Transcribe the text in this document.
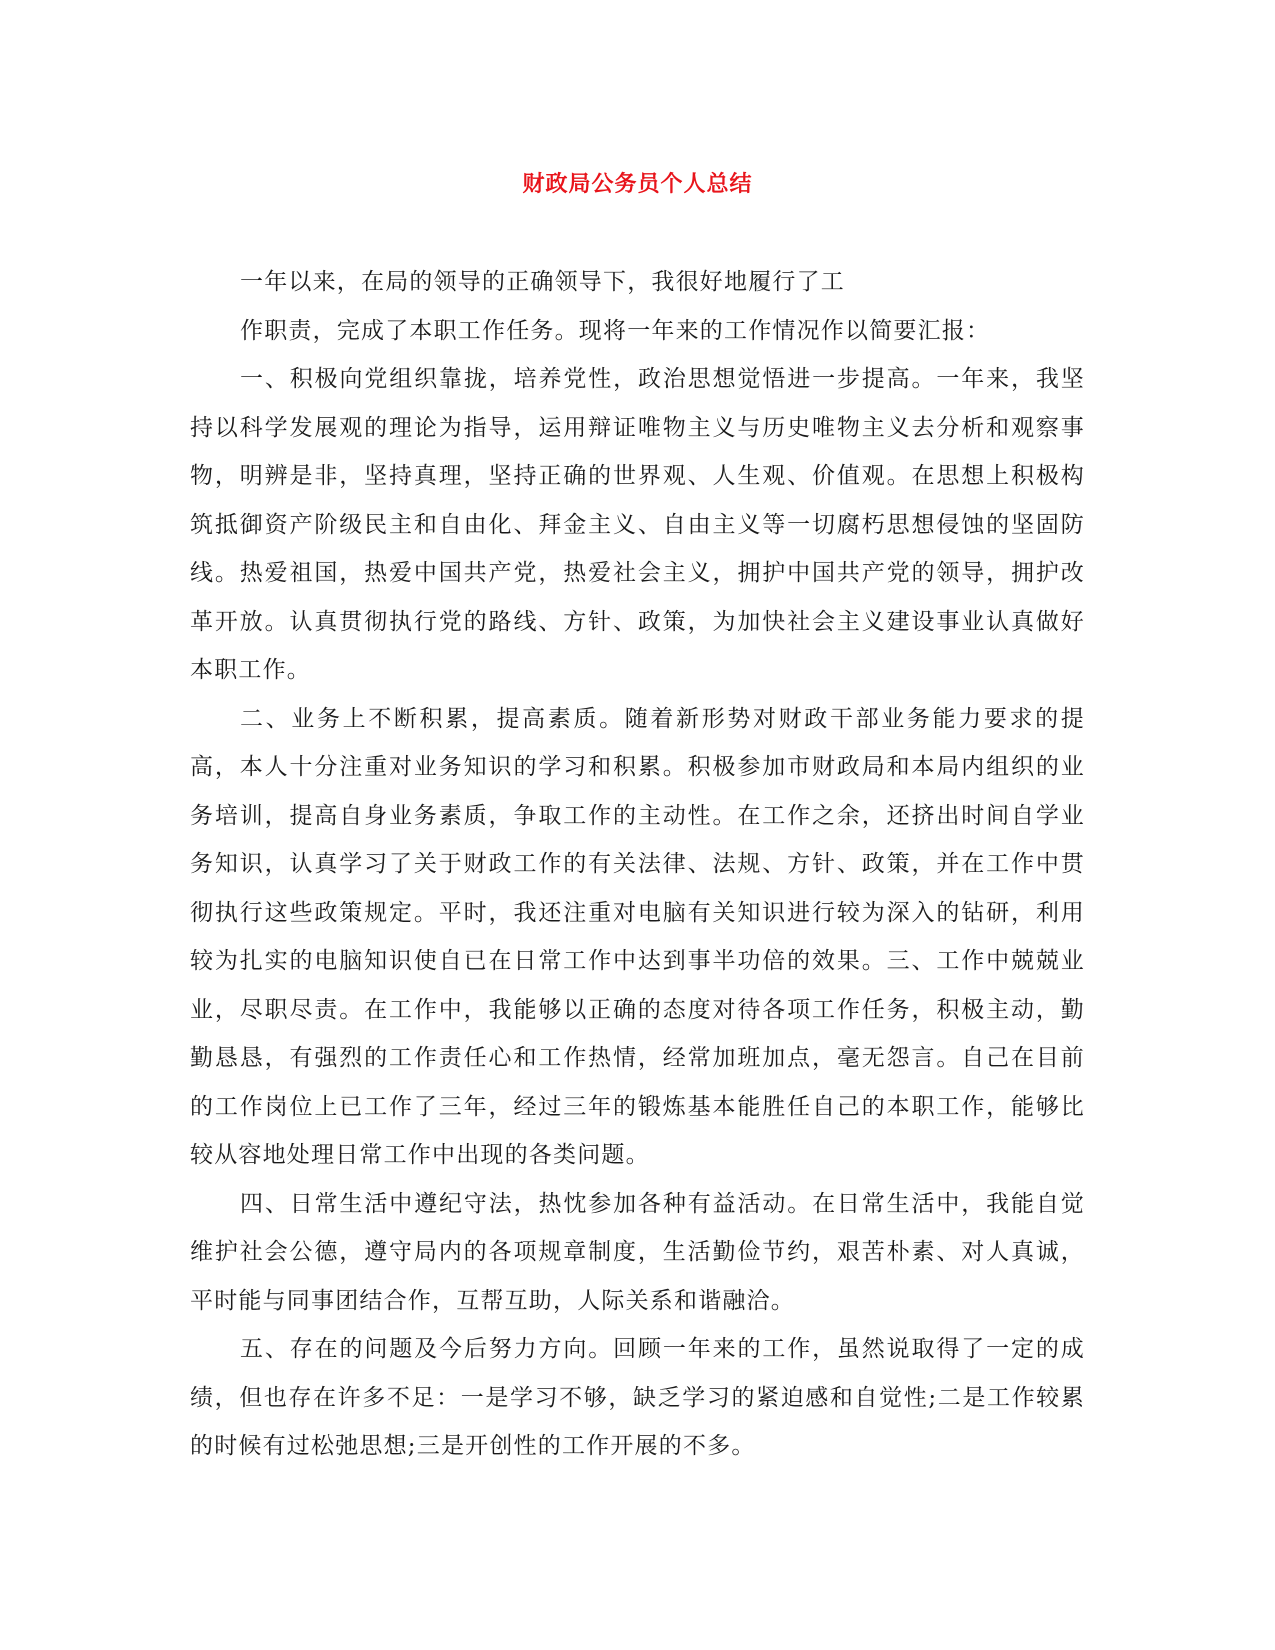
财政局公务员个人总结

一年以来，在局的领导的正确领导下，我很好地履行了工

作职责，完成了本职工作任务。现将一年来的工作情况作以简要汇报：

一、积极向党组织靠拢，培养党性，政治思想觉悟进一步提高。一年来，我坚持以科学发展观的理论为指导，运用辩证唯物主义与历史唯物主义去分析和观察事物，明辨是非，坚持真理，坚持正确的世界观、人生观、价值观。在思想上积极构筑抵御资产阶级民主和自由化、拜金主义、自由主义等一切腐朽思想侵蚀的坚固防线。热爱祖国，热爱中国共产党，热爱社会主义，拥护中国共产党的领导，拥护改革开放。认真贯彻执行党的路线、方针、政策，为加快社会主义建设事业认真做好本职工作。

二、业务上不断积累，提高素质。随着新形势对财政干部业务能力要求的提高，本人十分注重对业务知识的学习和积累。积极参加市财政局和本局内组织的业务培训，提高自身业务素质，争取工作的主动性。在工作之余，还挤出时间自学业务知识，认真学习了关于财政工作的有关法律、法规、方针、政策，并在工作中贯彻执行这些政策规定。平时，我还注重对电脑有关知识进行较为深入的钻研，利用较为扎实的电脑知识使自已在日常工作中达到事半功倍的效果。三、工作中兢兢业业，尽职尽责。在工作中，我能够以正确的态度对待各项工作任务，积极主动，勤勤恳恳，有强烈的工作责任心和工作热情，经常加班加点，毫无怨言。自己在目前的工作岗位上已工作了三年，经过三年的锻炼基本能胜任自己的本职工作，能够比较从容地处理日常工作中出现的各类问题。

四、日常生活中遵纪守法，热忱参加各种有益活动。在日常生活中，我能自觉维护社会公德，遵守局内的各项规章制度，生活勤俭节约，艰苦朴素、对人真诚，平时能与同事团结合作，互帮互助，人际关系和谐融洽。

五、存在的问题及今后努力方向。回顾一年来的工作，虽然说取得了一定的成绩，但也存在许多不足：一是学习不够，缺乏学习的紧迫感和自觉性;二是工作较累的时候有过松弛思想;三是开创性的工作开展的不多。
